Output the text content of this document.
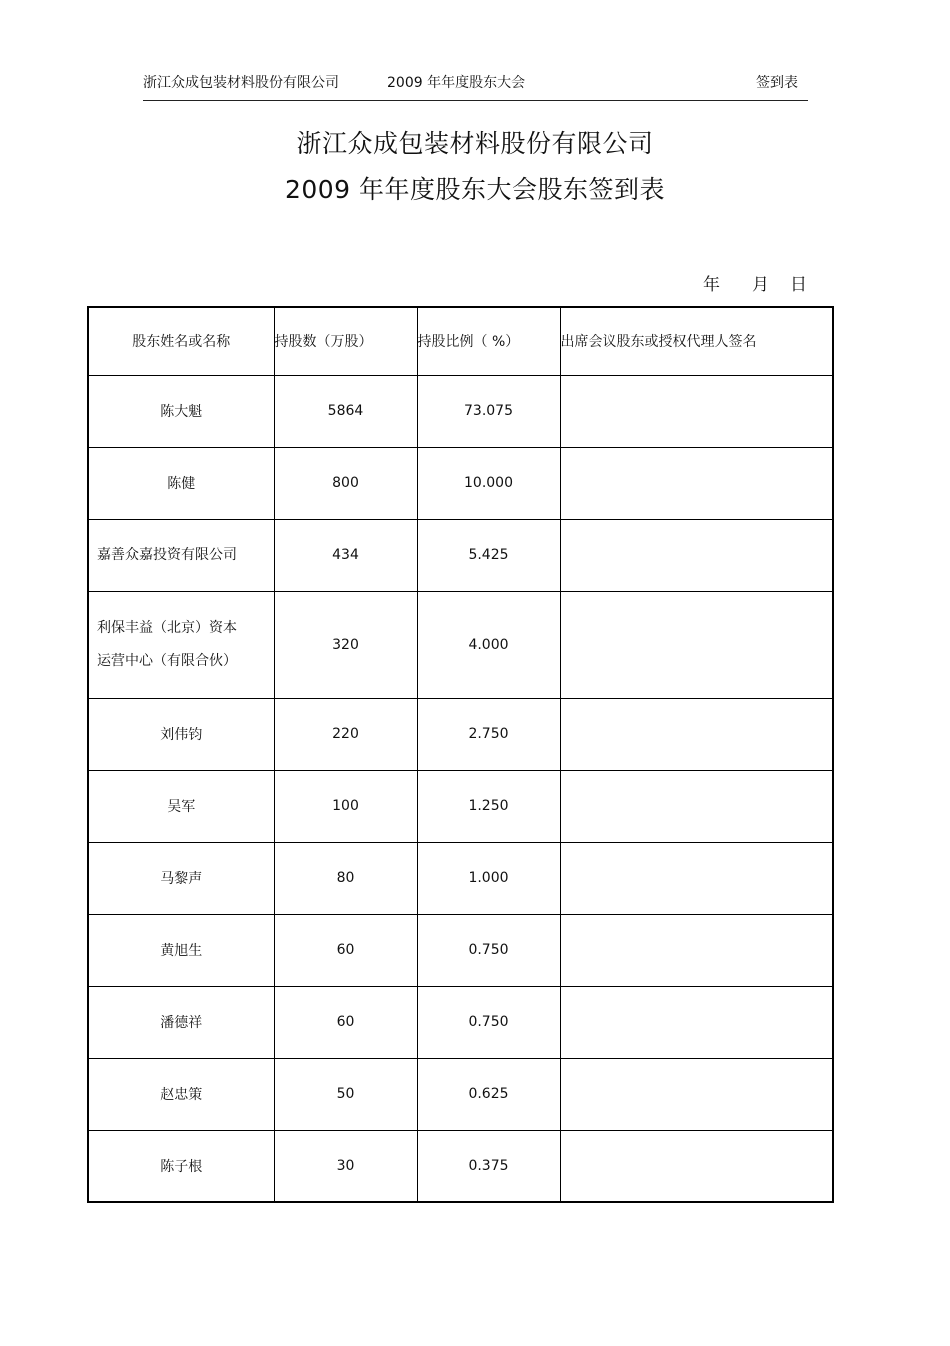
浙江众成包装材料股份有限公司	2009 年年度股东大会	签到表
浙江众成包装材料股份有限公司
2009 年年度股东大会股东签到表
年 月 日
股东姓名或名称	持股数（万股）	持股比例（ %）	出席会议股东或授权代理人签名
陈大魁	5864	73.075	
陈健	800	10.000	
嘉善众嘉投资有限公司	434	5.425	

利保丰益（北京）资本
运营中心（有限合伙）	320	4.000	
刘伟钧	220	2.750	
吴军	100	1.250	
马黎声	80	1.000	
黄旭生	60	0.750	
潘德祥	60	0.750	
赵忠策	50	0.625	
陈子根	30	0.375	
